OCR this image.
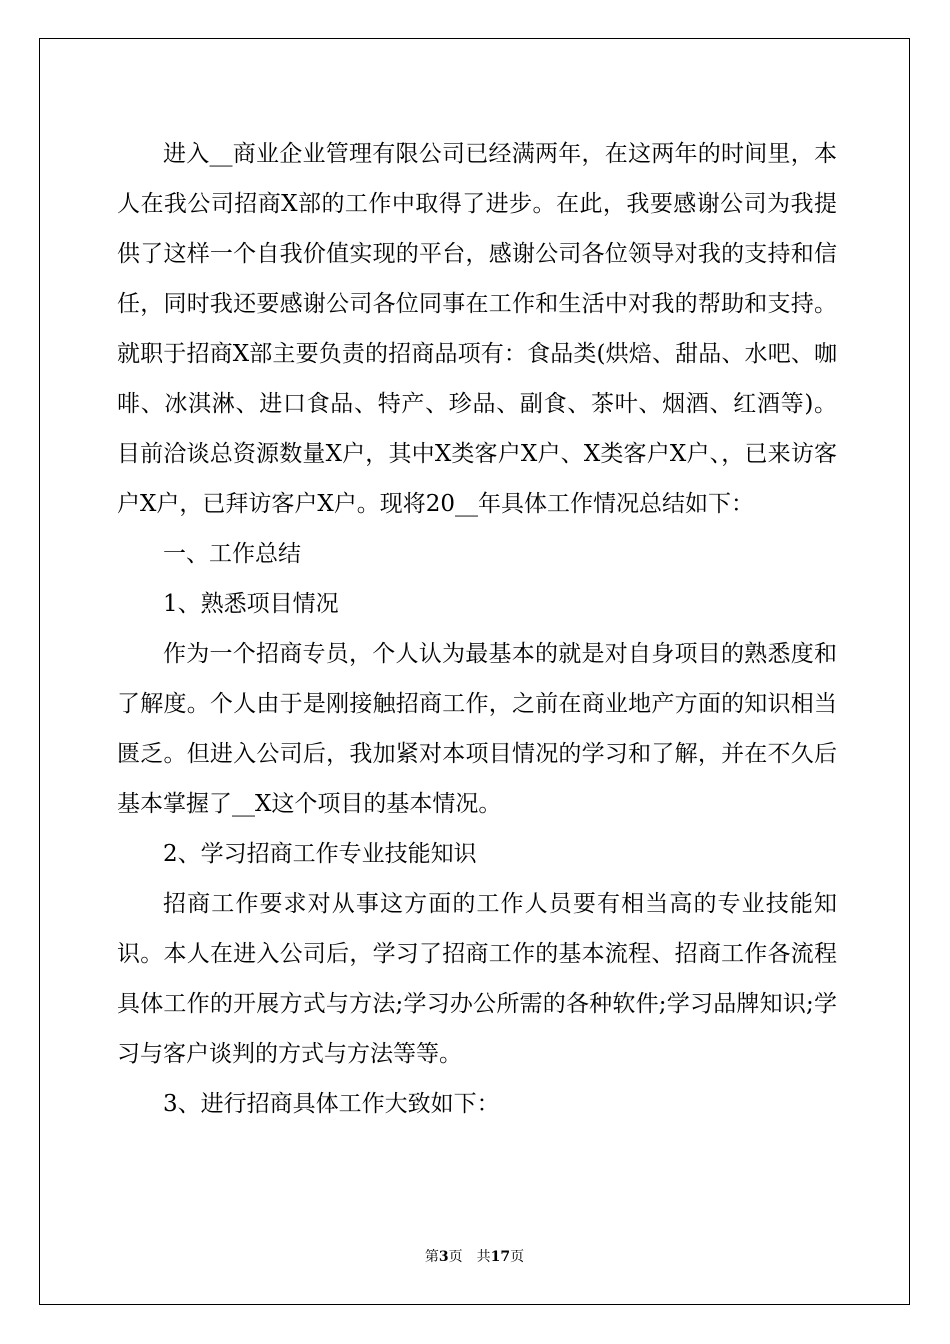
进入__商业企业管理有限公司已经满两年，在这两年的时间里，本人在我公司招商X部的工作中取得了进步。在此，我要感谢公司为我提供了这样一个自我价值实现的平台，感谢公司各位领导对我的支持和信任，同时我还要感谢公司各位同事在工作和生活中对我的帮助和支持。就职于招商X部主要负责的招商品项有：食品类(烘焙、甜品、水吧、咖啡、冰淇淋、进口食品、特产、珍品、副食、茶叶、烟酒、红酒等)。目前洽谈总资源数量X户，其中X类客户X户、X类客户X户、，已来访客户X户，已拜访客户X户。现将20__年具体工作情况总结如下：

一、工作总结

1、熟悉项目情况

作为一个招商专员，个人认为最基本的就是对自身项目的熟悉度和了解度。个人由于是刚接触招商工作，之前在商业地产方面的知识相当匮乏。但进入公司后，我加紧对本项目情况的学习和了解，并在不久后基本掌握了__X这个项目的基本情况。

2、学习招商工作专业技能知识

招商工作要求对从事这方面的工作人员要有相当高的专业技能知识。本人在进入公司后，学习了招商工作的基本流程、招商工作各流程具体工作的开展方式与方法;学习办公所需的各种软件;学习品牌知识;学习与客户谈判的方式与方法等等。

3、进行招商具体工作大致如下：

第3页 共17页
